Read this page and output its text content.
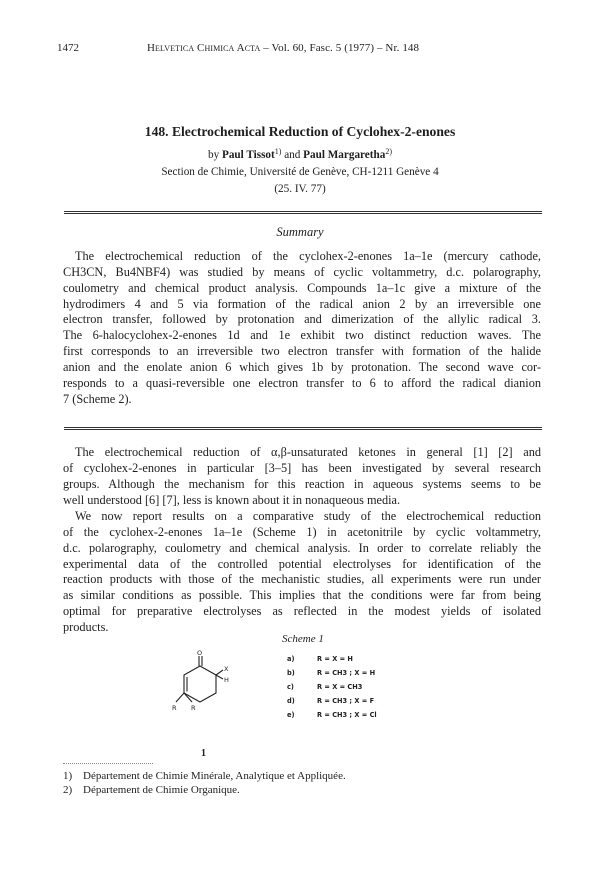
1472	Helvetica Chimica Acta – Vol. 60, Fasc. 5 (1977) – Nr. 148
148. Electrochemical Reduction of Cyclohex-2-enones
by Paul Tissot$^{1)}$ and Paul Margaretha$^{2)}$
Section de Chimie, Université de Genève, CH-1211 Genève 4
(25. IV. 77)
Summary
The electrochemical reduction of the cyclohex-2-enones 1a–1e (mercury cathode,
CH3CN, Bu4NBF4) was studied by means of cyclic voltammetry, d.c. polarography,
coulometry and chemical product analysis. Compounds 1a–1c give a mixture of the
hydrodimers 4 and 5 via formation of the radical anion 2 by an irreversible one
electron transfer, followed by protonation and dimerization of the allylic radical 3.
The 6-halocyclohex-2-enones 1d and 1e exhibit two distinct reduction waves. The
first corresponds to an irreversible two electron transfer with formation of the halide
anion and the enolate anion 6 which gives 1b by protonation. The second wave cor-
responds to a quasi-reversible one electron transfer to 6 to afford the radical dianion
7 (Scheme 2).
The electrochemical reduction of α,β-unsaturated ketones in general [1] [2] and
of cyclohex-2-enones in particular [3–5] has been investigated by several research
groups. Although the mechanism for this reaction in aqueous systems seems to be
well understood [6] [7], less is known about it in nonaqueous media.
We now report results on a comparative study of the electrochemical reduction
of the cyclohex-2-enones 1a–1e (Scheme 1) in acetonitrile by cyclic voltammetry,
d.c. polarography, coulometry and chemical analysis. In order to correlate reliably the
experimental data of the controlled potential electrolyses for identification of the
reaction products with those of the mechanistic studies, all experiments were run under
as similar conditions as possible. This implies that the conditions were far from being
optimal for preparative electrolyses as reflected in the modest yields of isolated
products.
Scheme 1
O
X
H
R R
1
a)	R = X = H
b)	R = CH3 ; X = H
c)	R = X = CH3
d)	R = CH3 ; X = F
e)	R = CH3 ; X = Cl
1) Département de Chimie Minérale, Analytique et Appliquée.
2) Département de Chimie Organique.
